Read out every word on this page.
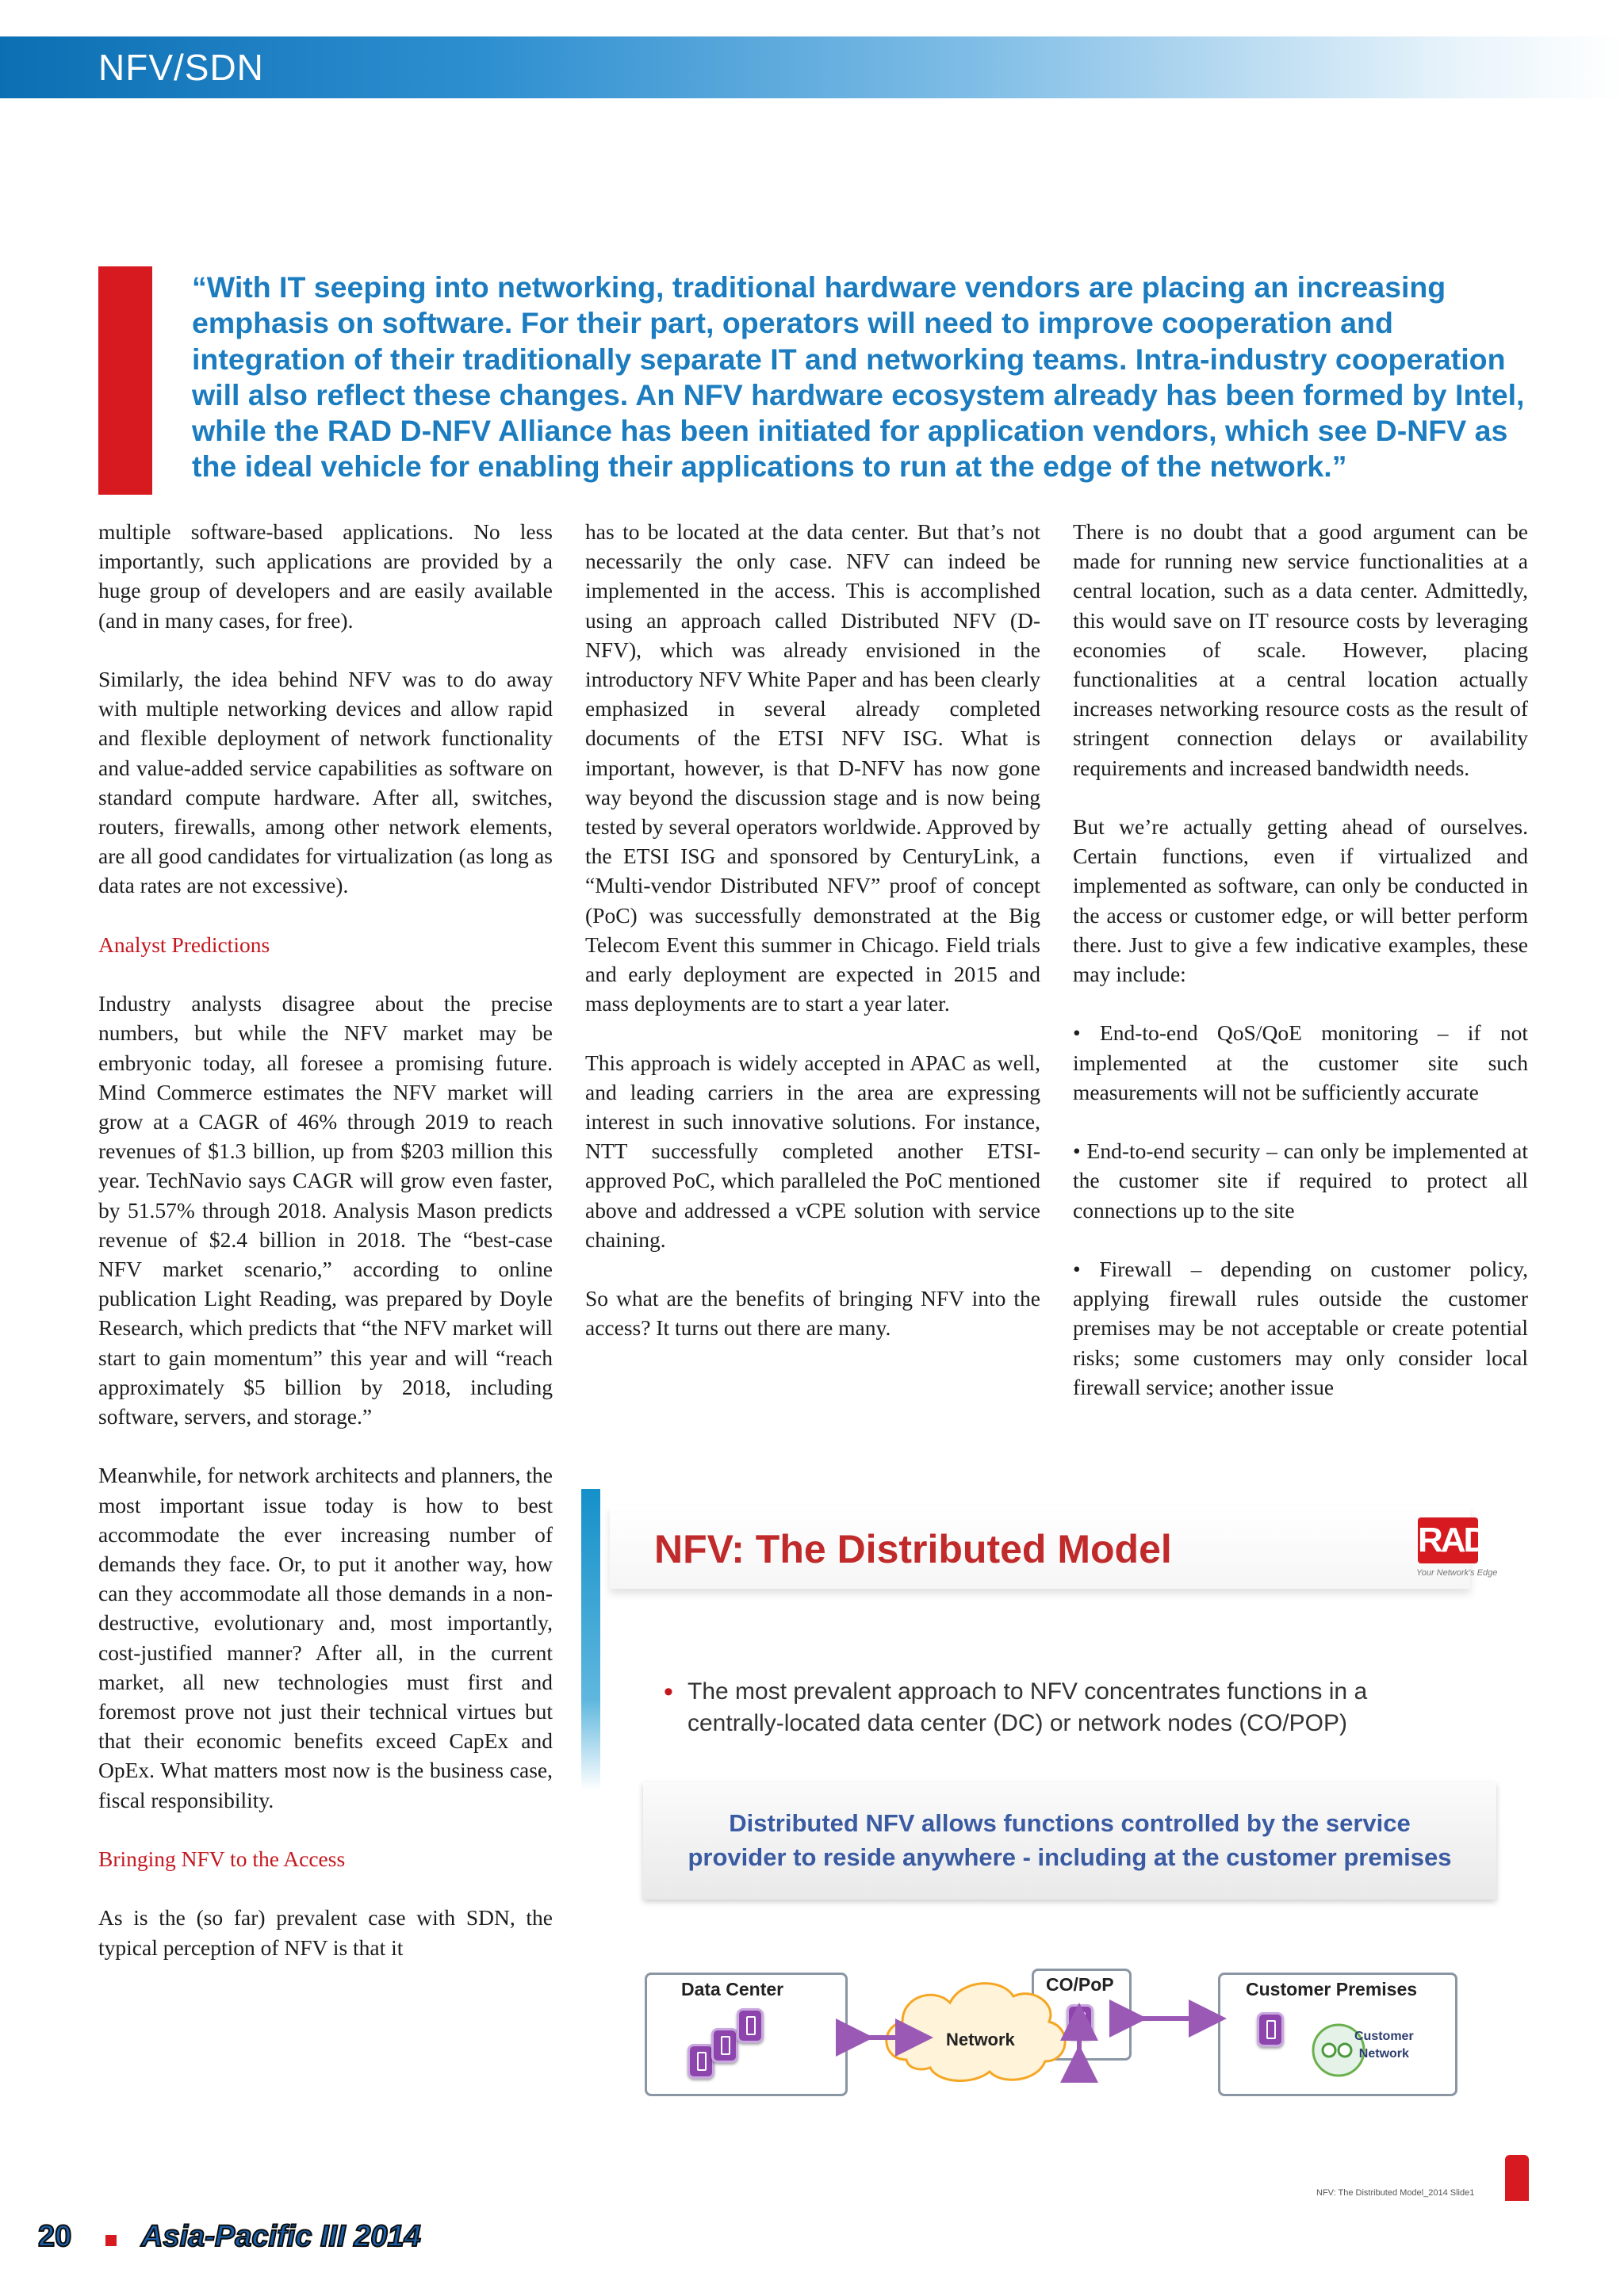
NFV/SDN

“With IT seeping into networking, traditional hardware vendors are placing an increasing emphasis on software. For their part, operators will need to improve cooperation and integration of their traditionally separate IT and networking teams. Intra-industry cooperation will also reflect these changes. An NFV hardware ecosystem already has been formed by Intel, while the RAD D-NFV Alliance has been initiated for application vendors, which see D-NFV as the ideal vehicle for enabling their applications to run at the edge of the network.”

multiple software-based applications. No less importantly, such applications are provided by a huge group of developers and are easily available (and in many cases, for free).

Similarly, the idea behind NFV was to do away with multiple networking devices and allow rapid and flexible deployment of network functionality and value-added service capabilities as software on standard compute hardware. After all, switches, routers, firewalls, among other network elements, are all good candidates for virtualization (as long as data rates are not excessive).

Analyst Predictions

Industry analysts disagree about the precise numbers, but while the NFV market may be embryonic today, all foresee a promising future. Mind Commerce estimates the NFV market will grow at a CAGR of 46% through 2019 to reach revenues of $1.3 billion, up from $203 million this year. TechNavio says CAGR will grow even faster, by 51.57% through 2018. Analysis Mason predicts revenue of $2.4 billion in 2018. The “best-case NFV market scenario,” according to online publication Light Reading, was prepared by Doyle Research, which predicts that “the NFV market will start to gain momentum” this year and will “reach approximately $5 billion by 2018, including software, servers, and storage.”

Meanwhile, for network architects and planners, the most important issue today is how to best accommodate the ever increasing number of demands they face. Or, to put it another way, how can they accommodate all those demands in a non-destructive, evolutionary and, most importantly, cost-justified manner? After all, in the current market, all new technologies must first and foremost prove not just their technical virtues but that their economic benefits exceed CapEx and OpEx. What matters most now is the business case, fiscal responsibility.

Bringing NFV to the Access

As is the (so far) prevalent case with SDN, the typical perception of NFV is that it

has to be located at the data center. But that’s not necessarily the only case. NFV can indeed be implemented in the access. This is accomplished using an approach called Distributed NFV (D-NFV), which was already envisioned in the introductory NFV White Paper and has been clearly emphasized in several already completed documents of the ETSI NFV ISG. What is important, however, is that D-NFV has now gone way beyond the discussion stage and is now being tested by several operators worldwide. Approved by the ETSI ISG and sponsored by CenturyLink, a “Multi-vendor Distributed NFV” proof of concept (PoC) was successfully demonstrated at the Big Telecom Event this summer in Chicago. Field trials and early deployment are expected in 2015 and mass deployments are to start a year later.

This approach is widely accepted in APAC as well, and leading carriers in the area are expressing interest in such innovative solutions. For instance, NTT successfully completed another ETSI-approved PoC, which paralleled the PoC mentioned above and addressed a vCPE solution with service chaining.

So what are the benefits of bringing NFV into the access? It turns out there are many.

There is no doubt that a good argument can be made for running new service functionalities at a central location, such as a data center. Admittedly, this would save on IT resource costs by leveraging economies of scale. However, placing functionalities at a central location actually increases networking resource costs as the result of stringent connection delays or availability requirements and increased bandwidth needs.

But we’re actually getting ahead of ourselves. Certain functions, even if virtualized and implemented as software, can only be conducted in the access or customer edge, or will better perform there. Just to give a few indicative examples, these may include:

• End-to-end QoS/QoE monitoring – if not implemented at the customer site such measurements will not be sufficiently accurate

• End-to-end security – can only be implemented at the customer site if required to protect all connections up to the site

• Firewall – depending on customer policy, applying firewall rules outside the customer premises may be not acceptable or create potential risks; some customers may only consider local firewall service; another issue

NFV: The Distributed Model	RAD
Your Network's Edge
• The most prevalent approach to NFV concentrates functions in a centrally-located data center (DC) or network nodes (CO/POP)
Distributed NFV allows functions controlled by the service
provider to reside anywhere - including at the customer premises
Data Center	CO/PoP	Customer Premises
Network	Customer
Network
NFV: The Distributed Model_2014 Slide1
20 Asia-Pacific III 2014
